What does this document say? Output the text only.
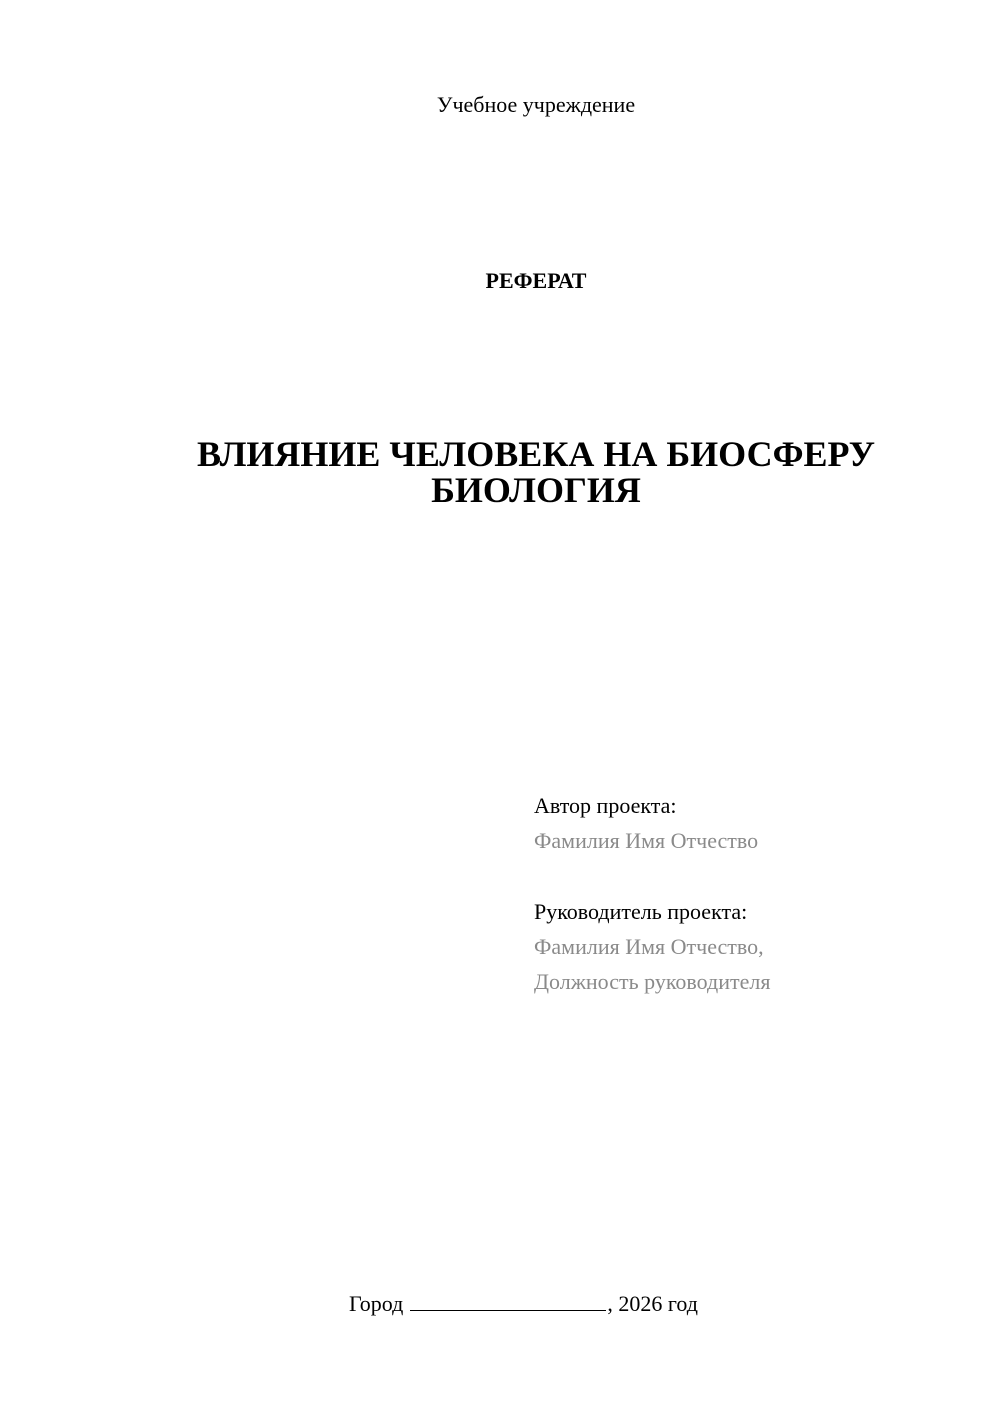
Учебное учреждение
РЕФЕРАТ
ВЛИЯНИЕ ЧЕЛОВЕКА НА БИОСФЕРУ
БИОЛОГИЯ
Автор проекта:
Фамилия Имя Отчество
Руководитель проекта:
Фамилия Имя Отчество,
Должность руководителя
Город	, 2026 год
